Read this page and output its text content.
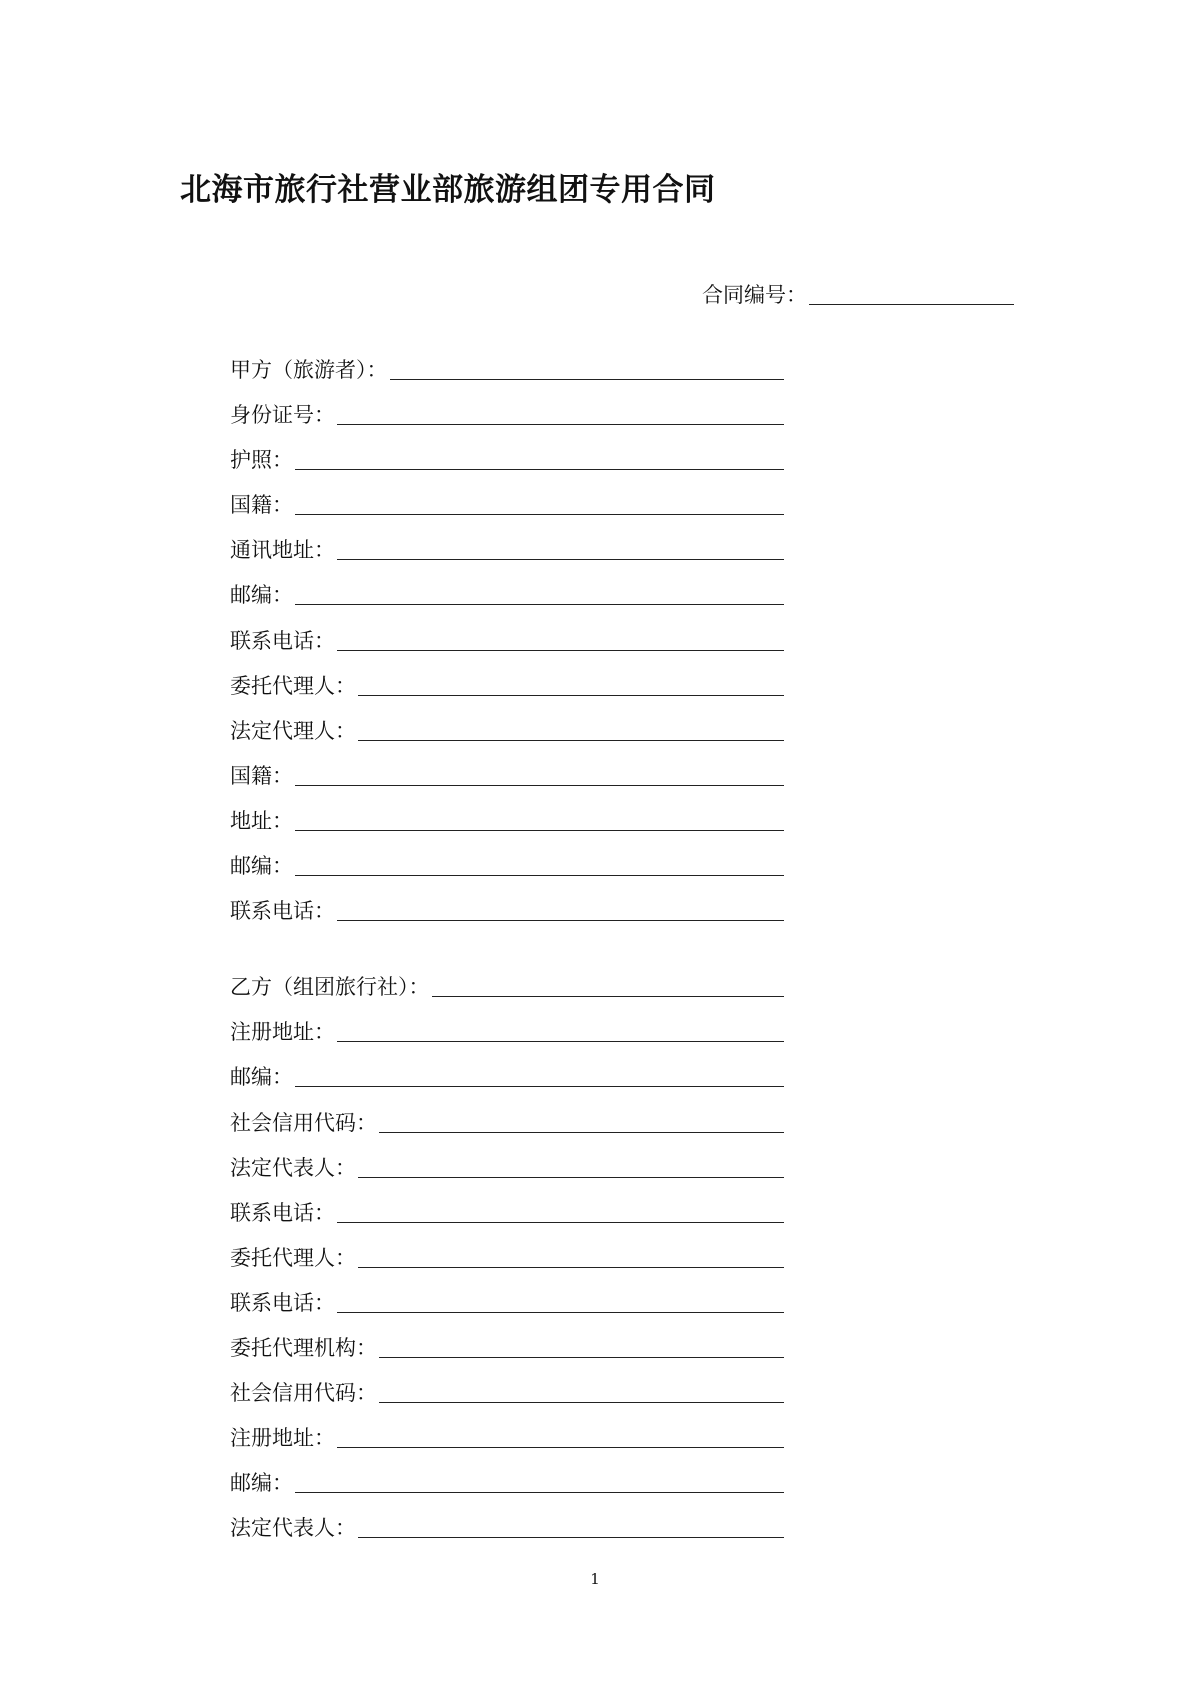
北海市旅行社营业部旅游组团专用合同
合同编号：
甲方（旅游者）：
身份证号：
护照：
国籍：
通讯地址：
邮编：
联系电话：
委托代理人：
法定代理人：
国籍：
地址：
邮编：
联系电话：
乙方（组团旅行社）：
注册地址：
邮编：
社会信用代码：
法定代表人：
联系电话：
委托代理人：
联系电话：
委托代理机构：
社会信用代码：
注册地址：
邮编：
法定代表人：
1
